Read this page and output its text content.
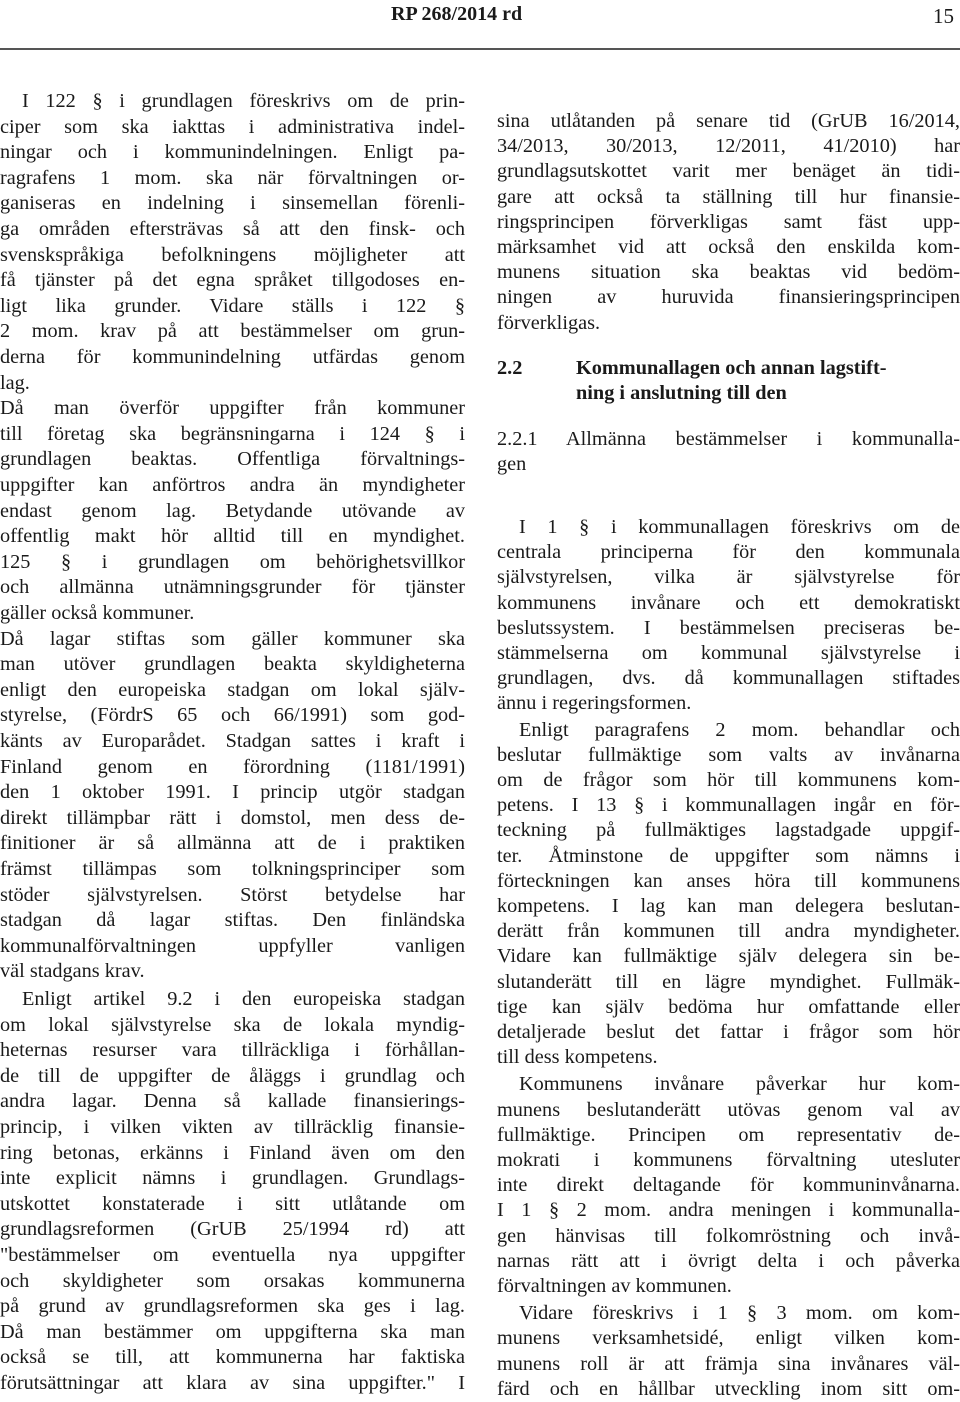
RP 268/2014 rd	15
I 122 § i grundlagen föreskrivs om de prin-
ciper som ska iakttas i administrativa indel-
ningar och i kommunindelningen. Enligt pa-
ragrafens 1 mom. ska när förvaltningen or-
ganiseras en indelning i sinsemellan förenli-
ga områden eftersträvas så att den finsk- och
svenskspråkiga befolkningens möjligheter att
få tjänster på det egna språket tillgodoses en-
ligt lika grunder. Vidare ställs i 122 §
2 mom. krav på att bestämmelser om grun-
derna för kommunindelning utfärdas genom
lag.
Då man överför uppgifter från kommuner
till företag ska begränsningarna i 124 § i
grundlagen beaktas. Offentliga förvaltnings-
uppgifter kan anförtros andra än myndigheter
endast genom lag. Betydande utövande av
offentlig makt hör alltid till en myndighet.
125 § i grundlagen om behörighetsvillkor
och allmänna utnämningsgrunder för tjänster
gäller också kommuner.
Då lagar stiftas som gäller kommuner ska
man utöver grundlagen beakta skyldigheterna
enligt den europeiska stadgan om lokal själv-
styrelse, (FördrS 65 och 66/1991) som god-
känts av Europarådet. Stadgan sattes i kraft i
Finland genom en förordning (1181/1991)
den 1 oktober 1991. I princip utgör stadgan
direkt tillämpbar rätt i domstol, men dess de-
finitioner är så allmänna att de i praktiken
främst tillämpas som tolkningsprinciper som
stöder självstyrelsen. Störst betydelse har
stadgan då lagar stiftas. Den finländska
kommunalförvaltningen uppfyller vanligen
väl stadgans krav.
Enligt artikel 9.2 i den europeiska stadgan
om lokal självstyrelse ska de lokala myndig-
heternas resurser vara tillräckliga i förhållan-
de till de uppgifter de åläggs i grundlag och
andra lagar. Denna så kallade finansierings-
princip, i vilken vikten av tillräcklig finansie-
ring betonas, erkänns i Finland även om den
inte explicit nämns i grundlagen. Grundlags-
utskottet konstaterade i sitt utlåtande om
grundlagsreformen (GrUB 25/1994 rd) att
"bestämmelser om eventuella nya uppgifter
och skyldigheter som orsakas kommunerna
på grund av grundlagsreformen ska ges i lag.
Då man bestämmer om uppgifterna ska man
också se till, att kommunerna har faktiska
förutsättningar att klara av sina uppgifter." I
sina utlåtanden på senare tid (GrUB 16/2014,
34/2013, 30/2013, 12/2011, 41/2010) har
grundlagsutskottet varit mer benäget än tidi-
gare att också ta ställning till hur finansie-
ringsprincipen förverkligas samt fäst upp-
märksamhet vid att också den enskilda kom-
munens situation ska beaktas vid bedöm-
ningen av huruvida finansieringsprincipen
förverkligas.
2.2	Kommunallagen och annan lagstift-
ning i anslutning till den
2.2.1 Allmänna bestämmelser i kommunalla-
gen
I 1 § i kommunallagen föreskrivs om de
centrala principerna för den kommunala
självstyrelsen, vilka är självstyrelse för
kommunens invånare och ett demokratiskt
beslutssystem. I bestämmelsen preciseras be-
stämmelserna om kommunal självstyrelse i
grundlagen, dvs. då kommunallagen stiftades
ännu i regeringsformen.
Enligt paragrafens 2 mom. behandlar och
beslutar fullmäktige som valts av invånarna
om de frågor som hör till kommunens kom-
petens. I 13 § i kommunallagen ingår en för-
teckning på fullmäktiges lagstadgade uppgif-
ter. Åtminstone de uppgifter som nämns i
förteckningen kan anses höra till kommunens
kompetens. I lag kan man delegera beslutan-
derätt från kommunen till andra myndigheter.
Vidare kan fullmäktige själv delegera sin be-
slutanderätt till en lägre myndighet. Fullmäk-
tige kan själv bedöma hur omfattande eller
detaljerade beslut det fattar i frågor som hör
till dess kompetens.
Kommunens invånare påverkar hur kom-
munens beslutanderätt utövas genom val av
fullmäktige. Principen om representativ de-
mokrati i kommunens förvaltning utesluter
inte direkt deltagande för kommuninvånarna.
I 1 § 2 mom. andra meningen i kommunalla-
gen hänvisas till folkomröstning och invå-
narnas rätt att i övrigt delta i och påverka
förvaltningen av kommunen.
Vidare föreskrivs i 1 § 3 mom. om kom-
munens verksamhetsidé, enligt vilken kom-
munens roll är att främja sina invånares väl-
färd och en hållbar utveckling inom sitt om-
